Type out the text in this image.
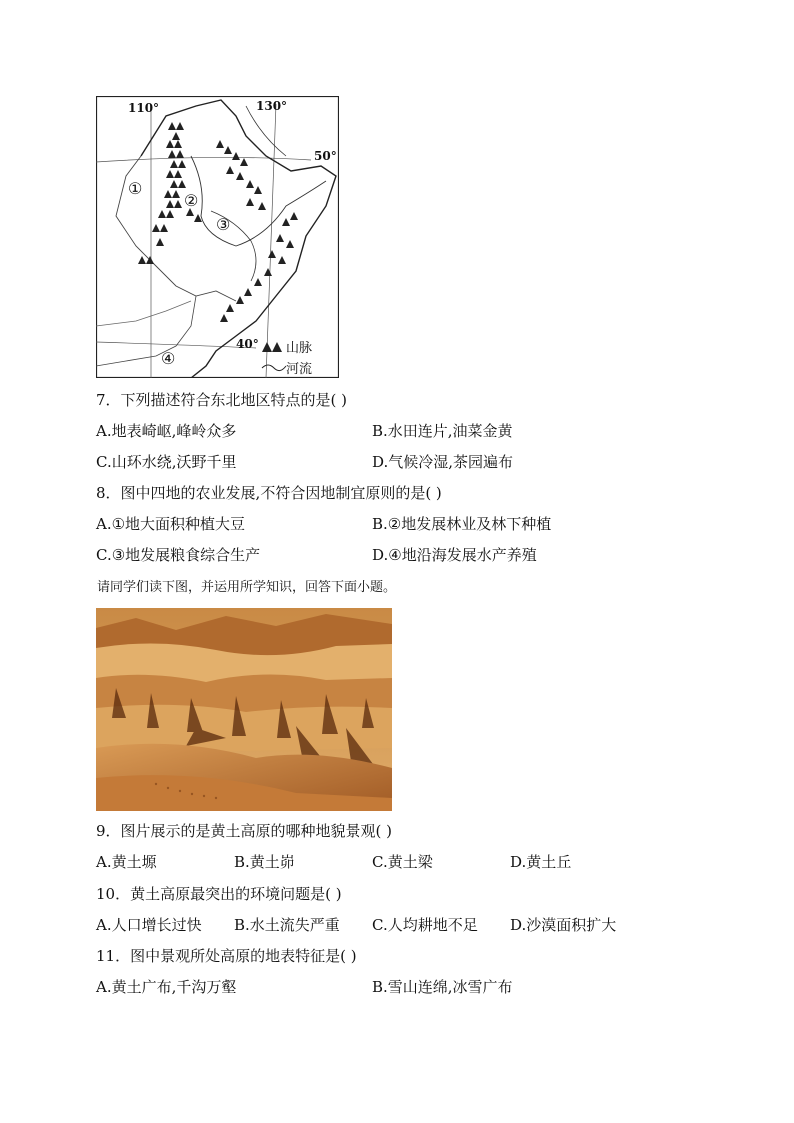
110°	130°
50°
40°
①
②
③
④
山脉
河流
7．下列描述符合东北地区特点的是( )
A.地表崎岖,峰岭众多	B.水田连片,油菜金黄
C.山环水绕,沃野千里	D.气候冷湿,茶园遍布
8．图中四地的农业发展,不符合因地制宜原则的是( )
A.①地大面积种植大豆	B.②地发展林业及林下种植
C.③地发展粮食综合生产	D.④地沿海发展水产养殖
请同学们读下图，并运用所学知识，回答下面小题。
9．图片展示的是黄土高原的哪种地貌景观( )
A.黄土塬	B.黄土峁	C.黄土梁	D.黄土丘
10．黄土高原最突出的环境问题是( )
A.人口增长过快 B.水土流失严重 C.人均耕地不足 D.沙漠面积扩大
11．图中景观所处高原的地表特征是( )
A.黄土广布,千沟万壑	B.雪山连绵,冰雪广布
